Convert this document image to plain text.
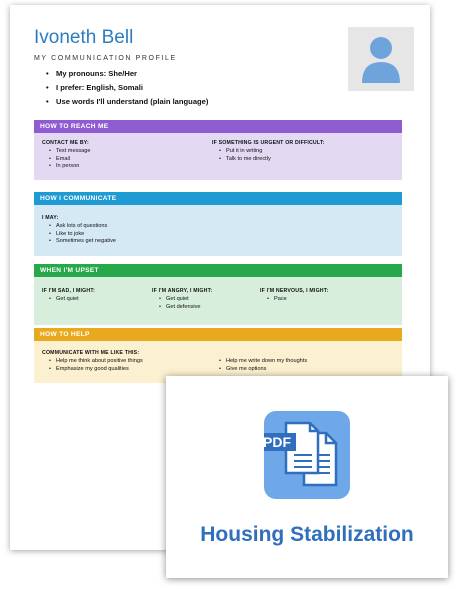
Ivoneth Bell
MY COMMUNICATION PROFILE
• My pronouns: She/Her
• I prefer: English, Somali
• Use words I'll understand (plain language)
HOW TO REACH ME
CONTACT ME BY:
• Text message
• Email
• In person
IF SOMETHING IS URGENT OR DIFFICULT:
• Put it in writing
• Talk to me directly
HOW I COMMUNICATE
I MAY:
• Ask lots of questions
• Like to joke
• Sometimes get negative
WHEN I'M UPSET
IF I'M SAD, I MIGHT:
• Get quiet
IF I'M ANGRY, I MIGHT:
• Get quiet
• Get defensive
IF I'M NERVOUS, I MIGHT:
• Pace
HOW TO HELP
COMMUNICATE WITH ME LIKE THIS:
• Help me think about positive things
• Emphasize my good qualities
• Help me write down my thoughts
• Give me options
PDF
Housing Stabilization
